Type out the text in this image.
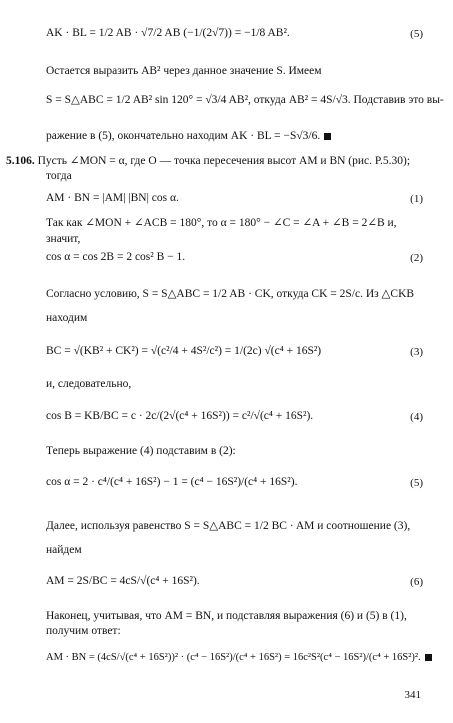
AK · BL = 1/2 AB · √7/2 AB (−1/(2√7)) = −1/8 AB².	(5)
Остается выразить AB² через данное значение S. Имеем
S = S△ABC = 1/2 AB² sin 120° = √3/4 AB², откуда AB² = 4S/√3. Подставив это вы-
ражение в (5), окончательно находим AK · BL = −S√3/6.
5.106. Пусть ∠MON = α, где O — точка пересечения высот AM и BN (рис. P.5.30);
тогда
AM · BN = |AM| |BN| cos α.	(1)
Так как ∠MON + ∠ACB = 180°, то α = 180° − ∠C = ∠A + ∠B = 2∠B и,
значит,
cos α = cos 2B = 2 cos² B − 1.	(2)
Согласно условию, S = S△ABC = 1/2 AB · CK, откуда CK = 2S/c. Из △CKB
находим
BC = √(KB² + CK²) = √(c²/4 + 4S²/c²) = 1/(2c) √(c⁴ + 16S²)	(3)
и, следовательно,
cos B = KB/BC = c · 2c/(2√(c⁴ + 16S²)) = c²/√(c⁴ + 16S²).	(4)
Теперь выражение (4) подставим в (2):
cos α = 2 · c⁴/(c⁴ + 16S²) − 1 = (c⁴ − 16S²)/(c⁴ + 16S²).	(5)
Далее, используя равенство S = S△ABC = 1/2 BC · AM и соотношение (3),
найдем
AM = 2S/BC = 4cS/√(c⁴ + 16S²).	(6)
Наконец, учитывая, что AM = BN, и подставляя выражения (6) и (5) в (1),
получим ответ:
AM · BN = (4cS/√(c⁴ + 16S²))² · (c⁴ − 16S²)/(c⁴ + 16S²) = 16c²S²(c⁴ − 16S²)/(c⁴ + 16S²)².
341
